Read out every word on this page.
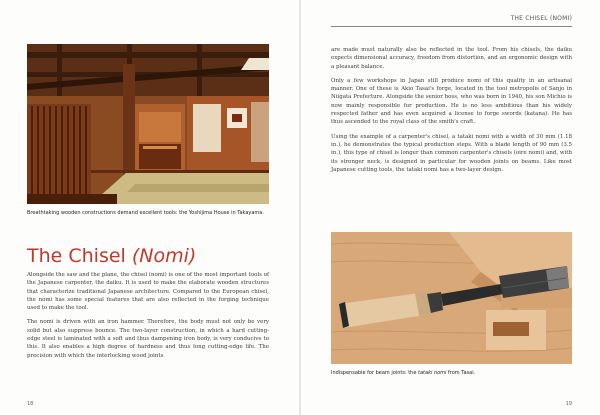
Breathtaking wooden constructions demand excellent tools: the Yoshijima House in Takayama.
The Chisel (Nomi)

Alongside the saw and the plane, the chisel (nomi) is one of the most important tools of the Japanese carpenter, the daiku. It is used to make the elaborate wooden structures that characterize traditional Japanese architecture. Compared to the European chisel, the nomi has some special features that are also reflected in the forging technique used to make the tool.

The nomi is driven with an iron hammer. Therefore, the body must not only be very solid but also suppress bounce. The two-layer construction, in which a hard cutting-edge steel is laminated with a soft and thus dampening iron body, is very conducive to this. It also enables a high degree of hardness and thus long cutting-edge life. The precision with which the interlocking wood joints

18
THE CHISEL (NOMI)

are made must naturally also be reflected in the tool. From his chisels, the daiku expects dimensional accuracy, freedom from distortion, and an ergonomic design with a pleasant balance.

Only a few workshops in Japan still produce nomi of this quality in an artisanal manner. One of these is Akio Tasai's forge, located in the tool metropolis of Sanjo in Niigata Prefecture. Alongside the senior boss, who was born in 1940, his son Michio is now mainly responsible for production. He is no less ambitious than his widely respected father and has even acquired a license to forge swords (katana). He has thus ascended to the royal class of the smith's craft.

Using the example of a carpenter's chisel, a tataki nomi with a width of 30 mm (1.18 in.), he demonstrates the typical production steps. With a blade length of 90 mm (3.5 in.), this type of chisel is longer than common carpenter's chisels (oire nomi) and, with its stronger neck, is designed in particular for wooden joints on beams. Like most Japanese cutting tools, the tataki nomi has a two-layer design.

Indispensable for beam joints: the tataki nomi from Tasai.
19
